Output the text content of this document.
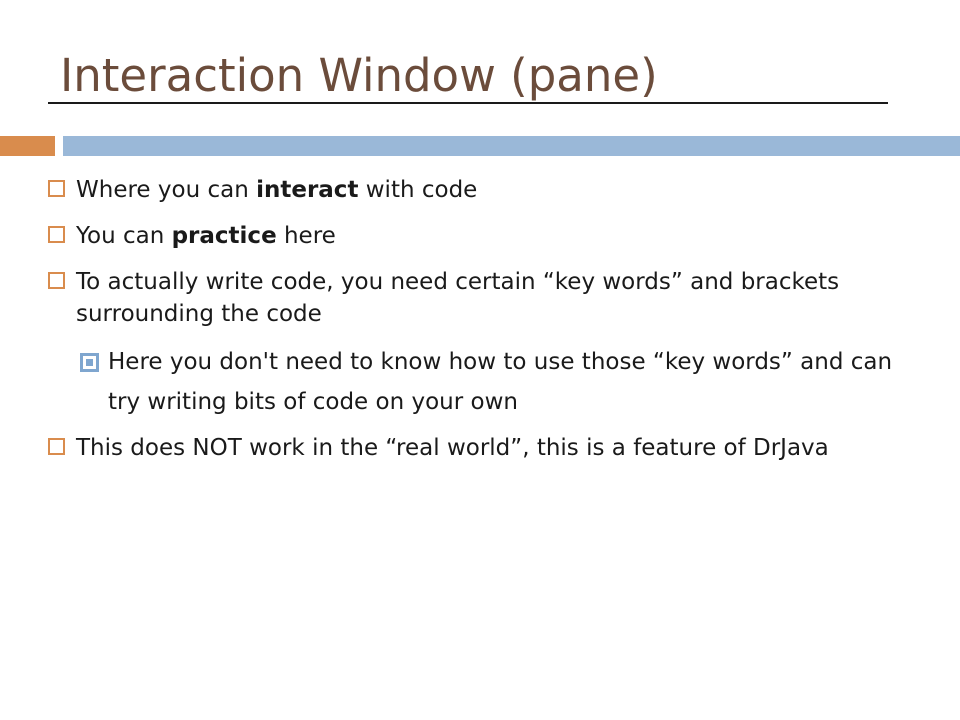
Interaction Window (pane)
Where you can interact with code
You can practice here
To actually write code, you need certain “key words” and brackets surrounding the code
Here you don't need to know how to use those “key words” and can try writing bits of code on your own
This does NOT work in the “real world”, this is a feature of DrJava
